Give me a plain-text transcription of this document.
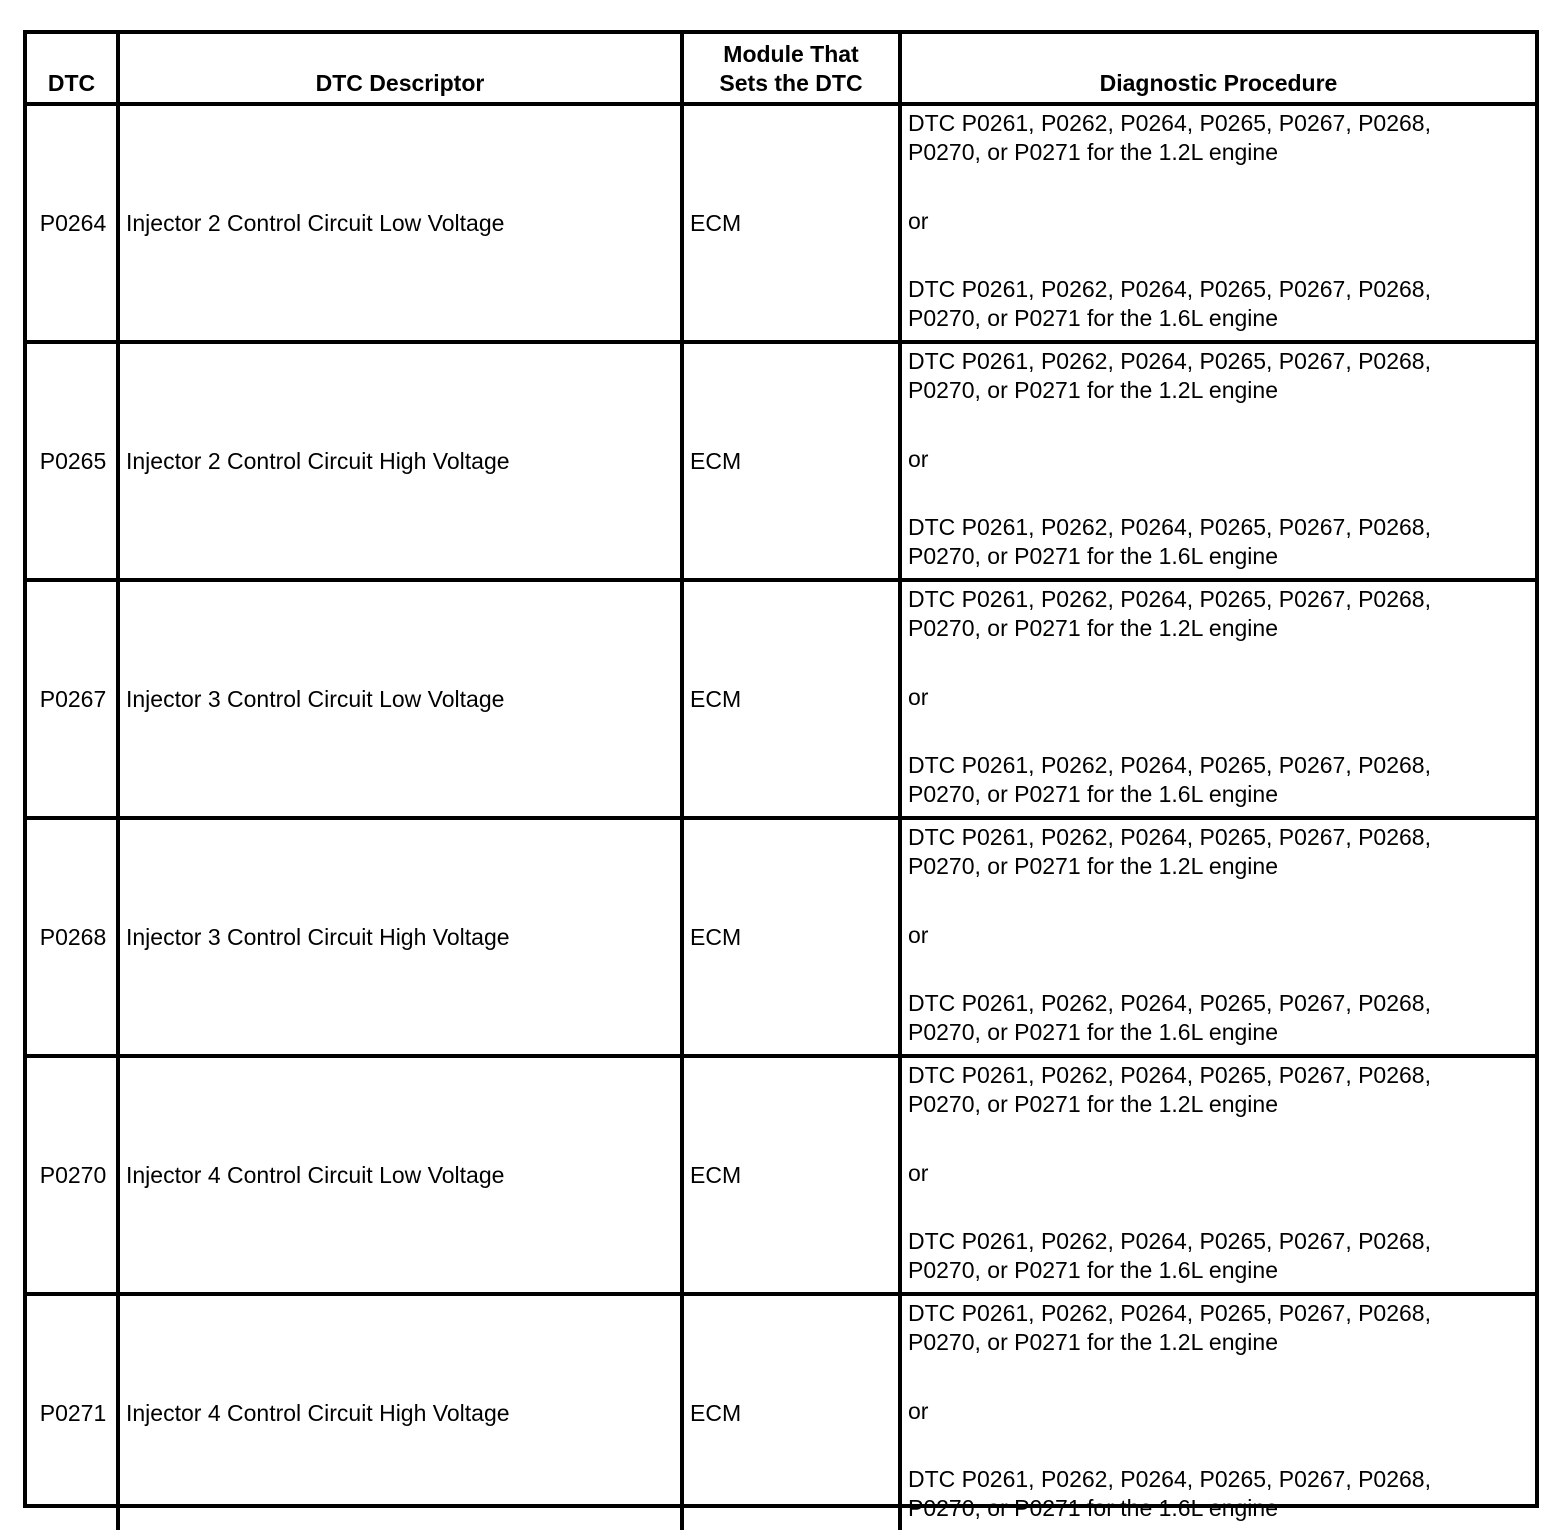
DTC	DTC Descriptor	Module That
Sets the DTC	Diagnostic Procedure
P0264	Injector 2 Control Circuit Low Voltage	ECM	DTC P0261, P0262, P0264, P0265, P0267, P0268,
P0270, or P0271 for the 1.2L engine
or
DTC P0261, P0262, P0264, P0265, P0267, P0268,
P0270, or P0271 for the 1.6L engine

P0265	Injector 2 Control Circuit High Voltage	ECM	DTC P0261, P0262, P0264, P0265, P0267, P0268,
P0270, or P0271 for the 1.2L engine
or
DTC P0261, P0262, P0264, P0265, P0267, P0268,
P0270, or P0271 for the 1.6L engine

P0267	Injector 3 Control Circuit Low Voltage	ECM	DTC P0261, P0262, P0264, P0265, P0267, P0268,
P0270, or P0271 for the 1.2L engine
or
DTC P0261, P0262, P0264, P0265, P0267, P0268,
P0270, or P0271 for the 1.6L engine

P0268	Injector 3 Control Circuit High Voltage	ECM	DTC P0261, P0262, P0264, P0265, P0267, P0268,
P0270, or P0271 for the 1.2L engine
or
DTC P0261, P0262, P0264, P0265, P0267, P0268,
P0270, or P0271 for the 1.6L engine

P0270	Injector 4 Control Circuit Low Voltage	ECM	DTC P0261, P0262, P0264, P0265, P0267, P0268,
P0270, or P0271 for the 1.2L engine
or
DTC P0261, P0262, P0264, P0265, P0267, P0268,
P0270, or P0271 for the 1.6L engine

P0271	Injector 4 Control Circuit High Voltage	ECM	DTC P0261, P0262, P0264, P0265, P0267, P0268,
P0270, or P0271 for the 1.2L engine
or
DTC P0261, P0262, P0264, P0265, P0267, P0268,
P0270, or P0271 for the 1.6L engine
